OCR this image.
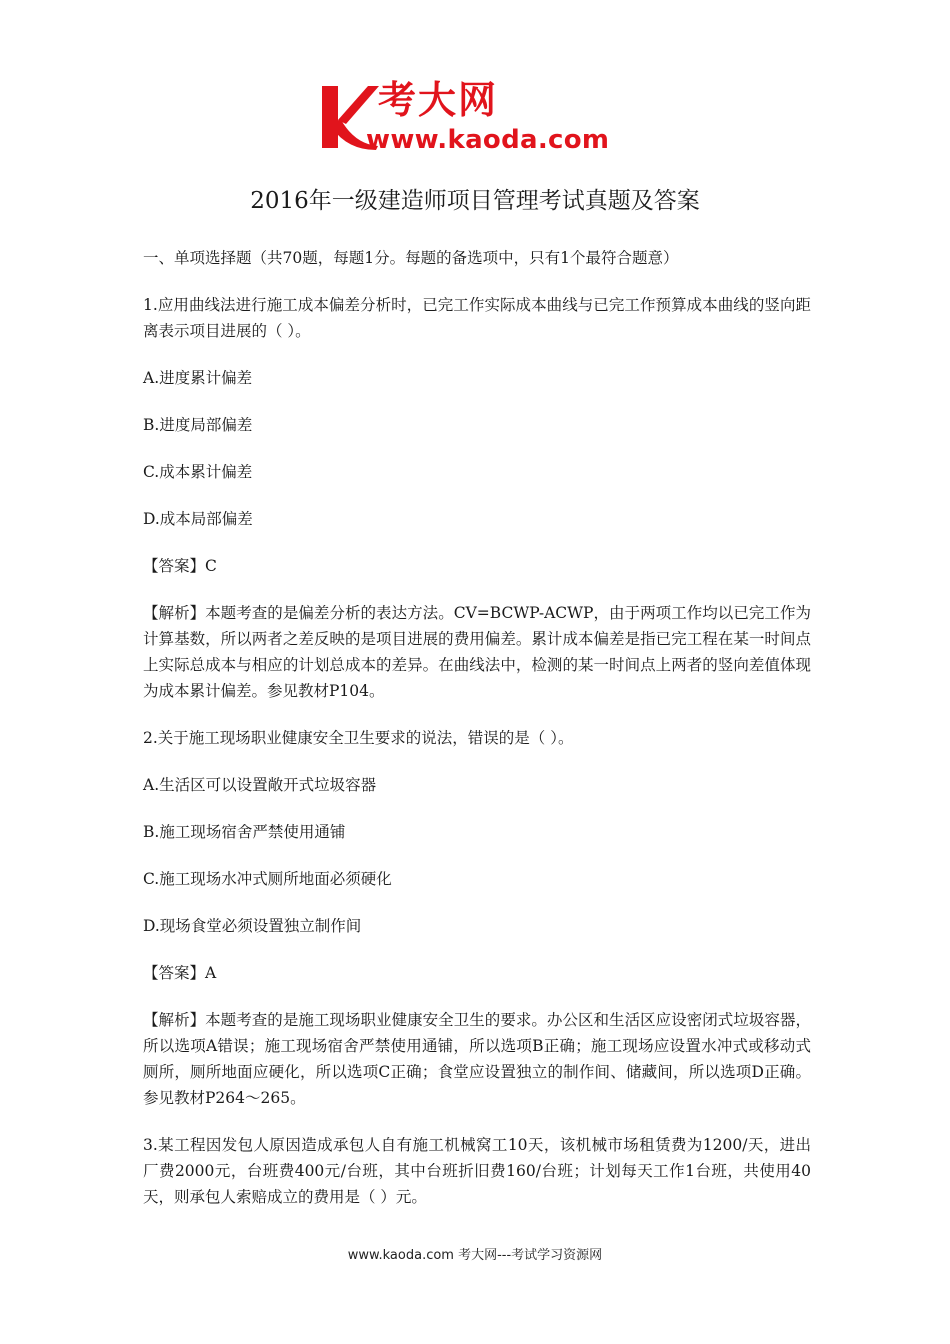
考大网
www.kaoda.com
2016年一级建造师项目管理考试真题及答案

一、单项选择题（共70题，每题1分。每题的备选项中，只有1个最符合题意）

1.应用曲线法进行施工成本偏差分析时，已完工作实际成本曲线与已完工作预算成本曲线的竖向距离表示项目进展的（ ）。

A.进度累计偏差

B.进度局部偏差

C.成本累计偏差

D.成本局部偏差

【答案】C

【解析】本题考查的是偏差分析的表达方法。CV=BCWP-ACWP，由于两项工作均以已完工作为计算基数，所以两者之差反映的是项目进展的费用偏差。累计成本偏差是指已完工程在某一时间点上实际总成本与相应的计划总成本的差异。在曲线法中，检测的某一时间点上两者的竖向差值体现为成本累计偏差。参见教材P104。

2.关于施工现场职业健康安全卫生要求的说法，错误的是（ ）。

A.生活区可以设置敞开式垃圾容器

B.施工现场宿舍严禁使用通铺

C.施工现场水冲式厕所地面必须硬化

D.现场食堂必须设置独立制作间

【答案】A

【解析】本题考查的是施工现场职业健康安全卫生的要求。办公区和生活区应设密闭式垃圾容器，所以选项A错误；施工现场宿舍严禁使用通铺，所以选项B正确；施工现场应设置水冲式或移动式厕所，厕所地面应硬化，所以选项C正确；食堂应设置独立的制作间、储藏间，所以选项D正确。参见教材P264～265。

3.某工程因发包人原因造成承包人自有施工机械窝工10天，该机械市场租赁费为1200/天，进出厂费2000元，台班费400元/台班，其中台班折旧费160/台班；计划每天工作1台班，共使用40天，则承包人索赔成立的费用是（ ）元。

www.kaoda.com 考大网---考试学习资源网
